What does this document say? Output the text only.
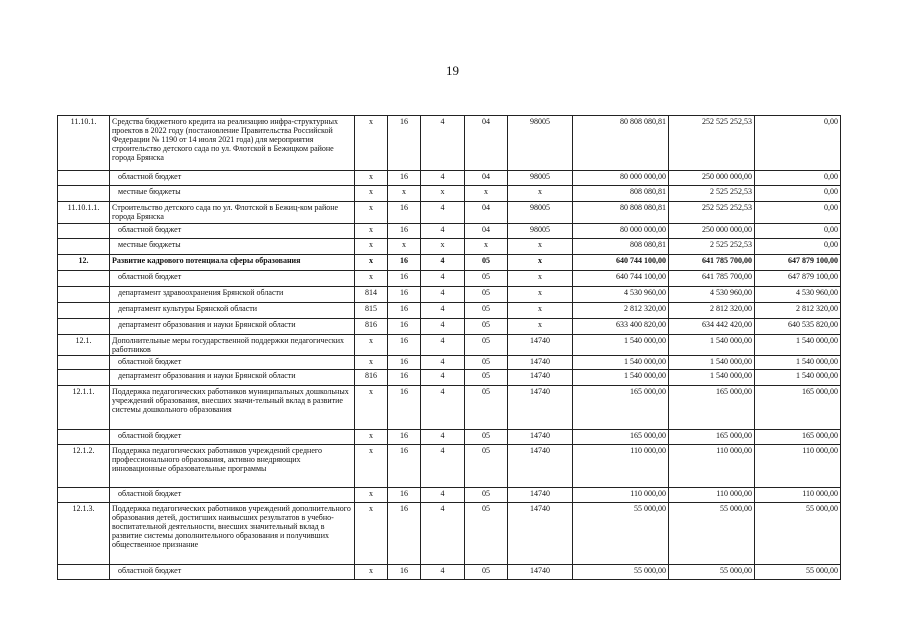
19
11.10.1.	Средства бюджетного кредита на реализацию инфра-структурных проектов в 2022 году (постановление Правительства Российской Федерации № 1190 от 14 июля 2021 года) для мероприятия строительство детского сада по ул. Флотской в Бежицком районе города Брянска	х	16	4	04	98005	80 808 080,81	252 525 252,53	0,00
	областной бюджет	х	16	4	04	98005	80 000 000,00	250 000 000,00	0,00
	местные бюджеты	х	х	х	х	х	808 080,81	2 525 252,53	0,00
11.10.1.1.	Строительство детского сада по ул. Флотской в Бежиц-ком районе города Брянска	х	16	4	04	98005	80 808 080,81	252 525 252,53	0,00
	областной бюджет	х	16	4	04	98005	80 000 000,00	250 000 000,00	0,00
	местные бюджеты	х	х	х	х	х	808 080,81	2 525 252,53	0,00
12.	Развитие кадрового потенциала сферы образования	х	16	4	05	х	640 744 100,00	641 785 700,00	647 879 100,00
	областной бюджет	х	16	4	05	х	640 744 100,00	641 785 700,00	647 879 100,00
	департамент здравоохранения Брянской области	814	16	4	05	х	4 530 960,00	4 530 960,00	4 530 960,00
	департамент культуры Брянской области	815	16	4	05	х	2 812 320,00	2 812 320,00	2 812 320,00
	департамент образования и науки Брянской области	816	16	4	05	х	633 400 820,00	634 442 420,00	640 535 820,00
12.1.	Дополнительные меры государственной поддержки педагогических работников	х	16	4	05	14740	1 540 000,00	1 540 000,00	1 540 000,00
	областной бюджет	х	16	4	05	14740	1 540 000,00	1 540 000,00	1 540 000,00
	департамент образования и науки Брянской области	816	16	4	05	14740	1 540 000,00	1 540 000,00	1 540 000,00
12.1.1.	Поддержка педагогических работников муниципальных дошкольных учреждений образования, внесших значи-тельный вклад в развитие системы дошкольного образования	х	16	4	05	14740	165 000,00	165 000,00	165 000,00
	областной бюджет	х	16	4	05	14740	165 000,00	165 000,00	165 000,00
12.1.2.	Поддержка педагогических работников учреждений среднего профессионального образования, активно внедряющих инновационные образовательные программы	х	16	4	05	14740	110 000,00	110 000,00	110 000,00
	областной бюджет	х	16	4	05	14740	110 000,00	110 000,00	110 000,00
12.1.3.	Поддержка педагогических работников учреждений дополнительного образования детей, достигших наивысших результатов в учебно-воспитательной деятельности, внесших значительный вклад в развитие системы дополнительного образования и получивших общественное признание	х	16	4	05	14740	55 000,00	55 000,00	55 000,00
	областной бюджет	х	16	4	05	14740	55 000,00	55 000,00	55 000,00
